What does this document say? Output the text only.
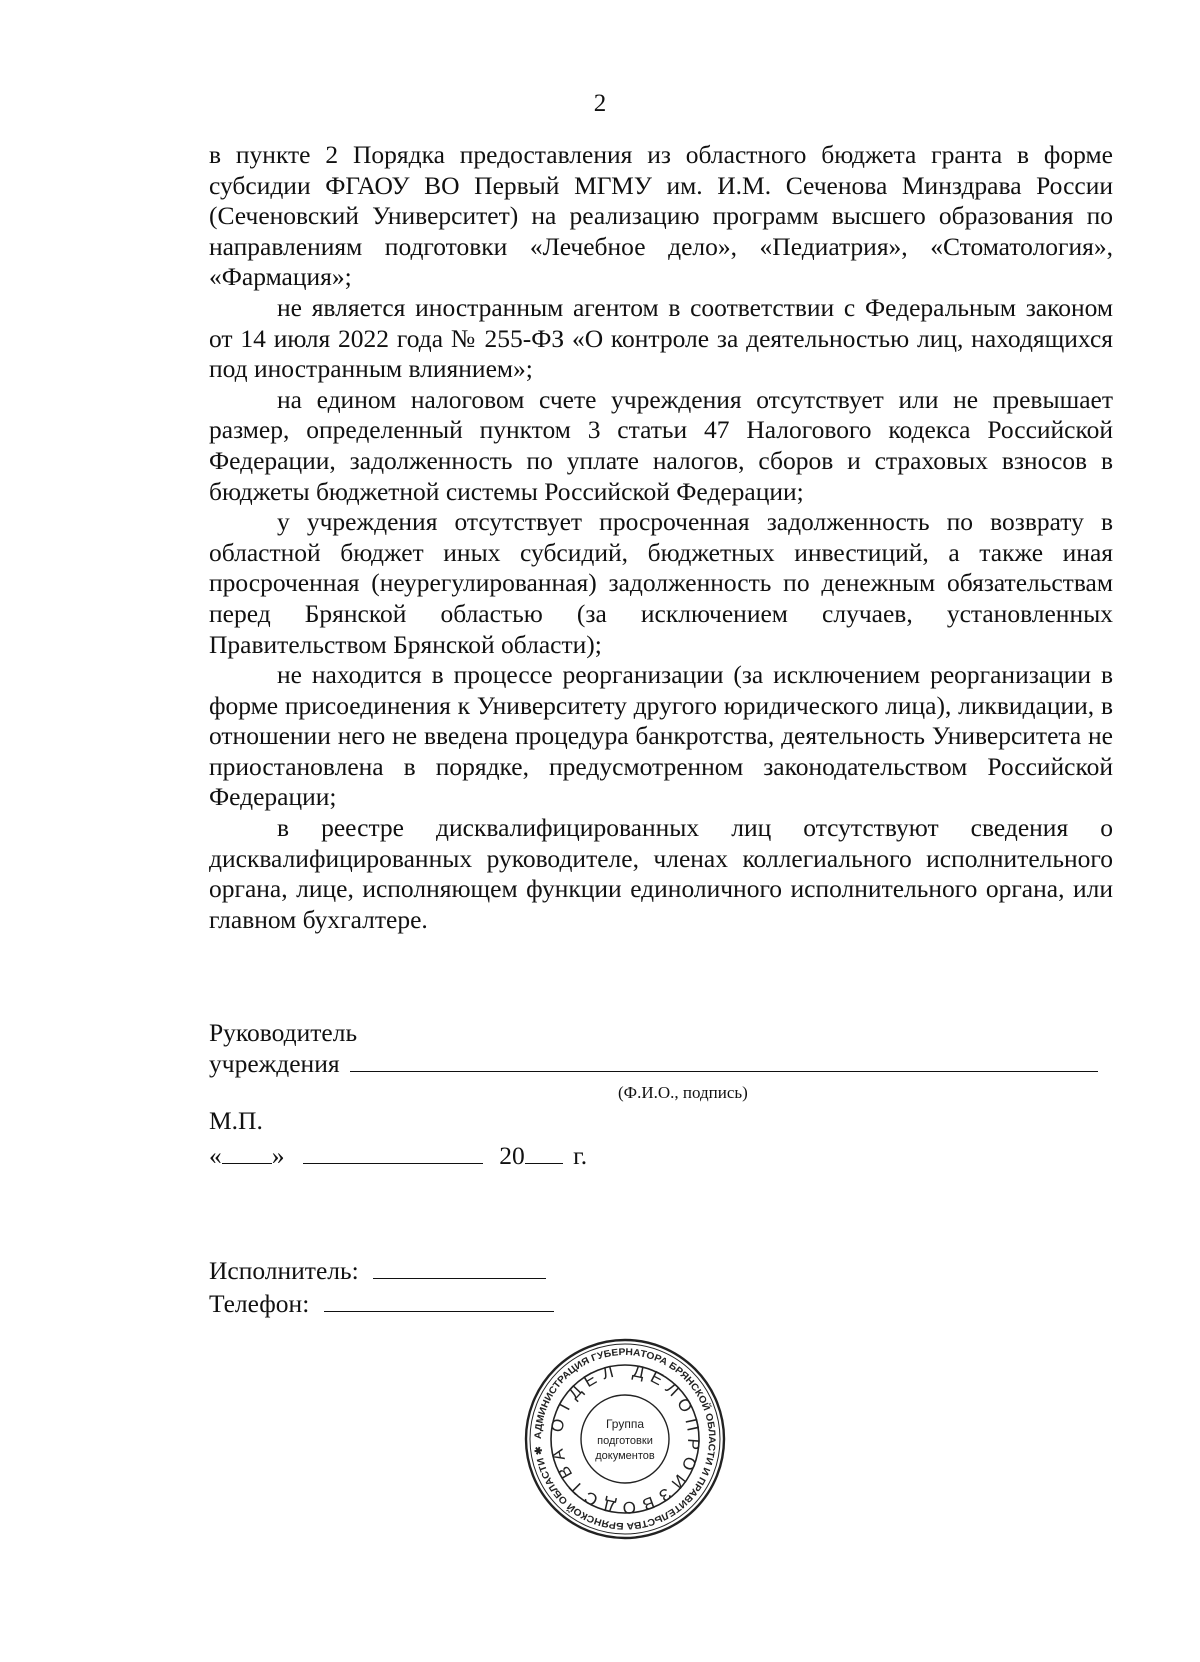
2

в пункте 2 Порядка предоставления из областного бюджета гранта в форме субсидии ФГАОУ ВО Первый МГМУ им. И.М. Сеченова Минздрава России (Сеченовский Университет) на реализацию программ высшего образования по направлениям подготовки «Лечебное дело», «Педиатрия», «Стоматология», «Фармация»;

не является иностранным агентом в соответствии с Федеральным законом от 14 июля 2022 года № 255-ФЗ «О контроле за деятельностью лиц, находящихся под иностранным влиянием»;

на едином налоговом счете учреждения отсутствует или не превышает размер, определенный пунктом 3 статьи 47 Налогового кодекса Российской Федерации, задолженность по уплате налогов, сборов и страховых взносов в бюджеты бюджетной системы Российской Федерации;

у учреждения отсутствует просроченная задолженность по возврату в областной бюджет иных субсидий, бюджетных инвестиций, а также иная просроченная (неурегулированная) задолженность по денежным обязательствам перед Брянской областью (за исключением случаев, установленных Правительством Брянской области);

не находится в процессе реорганизации (за исключением реорганизации в форме присоединения к Университету другого юридического лица), ликвидации, в отношении него не введена процедура банкротства, деятельность Университета не приостановлена в порядке, предусмотренном законодательством Российской Федерации;

в реестре дисквалифицированных лиц отсутствуют сведения о дисквалифицированных руководителе, членах коллегиального исполнительного органа, лице, исполняющем функции единоличного исполнительного органа, или главном бухгалтере.

Руководитель
учреждения
(Ф.И.О., подпись)
М.П.
« »	20 г.
Исполнитель:
Телефон:
АДМИНИСТРАЦИЯ ГУБЕРНАТОРА БРЯНСКОЙ ОБЛАСТИ И ПРАВИТЕЛЬСТВА БРЯНСКОЙ ОБЛАСТИ ✱
ОТДЕЛ ДЕЛОПРОИЗВОДСТВА
Группа
подготовки
документов
